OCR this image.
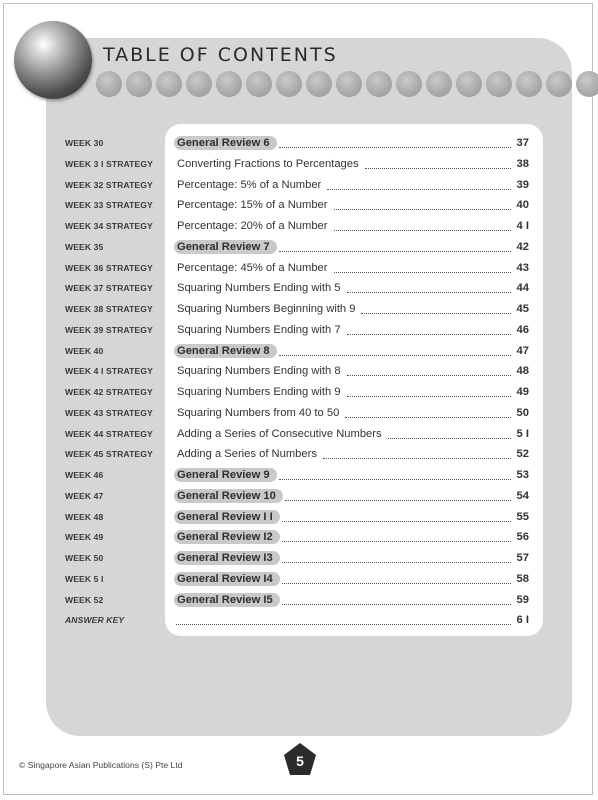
TABLE OF CONTENTS
WEEK 30	General Review 6	37
WEEK 3 I STRATEGY Converting Fractions to Percentages	38
WEEK 32 STRATEGY Percentage: 5% of a Number	39
WEEK 33 STRATEGY Percentage: 15% of a Number	40
WEEK 34 STRATEGY Percentage: 20% of a Number	4 I
WEEK 35	General Review 7	42
WEEK 36 STRATEGY Percentage: 45% of a Number	43
WEEK 37 STRATEGY Squaring Numbers Ending with 5	44
WEEK 38 STRATEGY Squaring Numbers Beginning with 9	45
WEEK 39 STRATEGY Squaring Numbers Ending with 7	46
WEEK 40	General Review 8	47
WEEK 4 I STRATEGY Squaring Numbers Ending with 8	48
WEEK 42 STRATEGY Squaring Numbers Ending with 9	49
WEEK 43 STRATEGY Squaring Numbers from 40 to 50	50
WEEK 44 STRATEGY Adding a Series of Consecutive Numbers	5 I
WEEK 45 STRATEGY Adding a Series of Numbers	52
WEEK 46	General Review 9	53
WEEK 47	General Review 10	54
WEEK 48	General Review I I	55
WEEK 49	General Review I2	56
WEEK 50	General Review I3	57
WEEK 5 I	General Review I4	58
WEEK 52	General Review I5	59
ANSWER KEY	6 I
5
© Singapore Asian Publications (S) Pte Ltd
